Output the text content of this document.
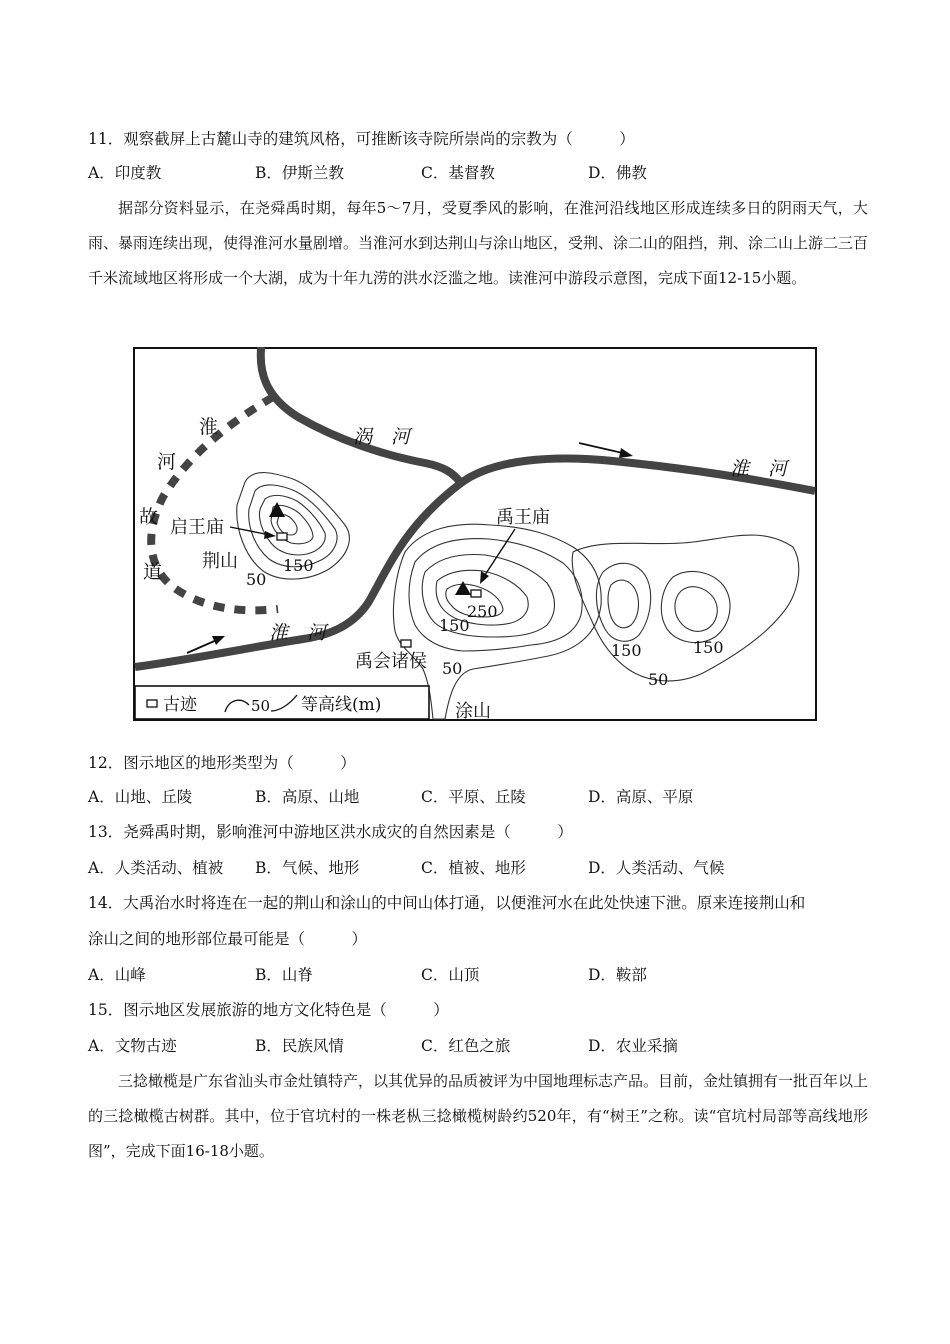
11．观察截屏上古麓山寺的建筑风格，可推断该寺院所崇尚的宗教为（　　　）
A．印度教	B．伊斯兰教	C．基督教	D．佛教
据部分资料显示，在尧舜禹时期，每年5～7月，受夏季风的影响，在淮河沿线地区形成连续多日的阴雨天气，大雨、暴雨连续出现，使得淮河水量剧增。当淮河水到达荆山与涂山地区，受荆、涂二山的阻挡，荆、涂二山上游二三百千米流域地区将形成一个大湖，成为十年九涝的洪水泛滥之地。读淮河中游段示意图，完成下面12-15小题。
淮
河
故
道
涡　河
淮　河
淮　河
启王庙
荆山
禹王庙
禹会诸侯
涂山
150
50
250
150
50
150	150
50
古迹	50 等高线(m)
12．图示地区的地形类型为（　　　）
A．山地、丘陵	B．高原、山地	C．平原、丘陵	D．高原、平原
13．尧舜禹时期，影响淮河中游地区洪水成灾的自然因素是（　　　）
A．人类活动、植被 B．气候、地形	C．植被、地形	D．人类活动、气候
14．大禹治水时将连在一起的荆山和涂山的中间山体打通，以便淮河水在此处快速下泄。原来连接荆山和
涂山之间的地形部位最可能是（　　　）
A．山峰	B．山脊	C．山顶	D．鞍部
15．图示地区发展旅游的地方文化特色是（　　　）
A．文物古迹	B．民族风情	C．红色之旅	D．农业采摘
三捻橄榄是广东省汕头市金灶镇特产，以其优异的品质被评为中国地理标志产品。目前，金灶镇拥有一批百年以上的三捻橄榄古树群。其中，位于官坑村的一株老枞三捻橄榄树龄约520年，有“树王”之称。读“官坑村局部等高线地形图”，完成下面16-18小题。
